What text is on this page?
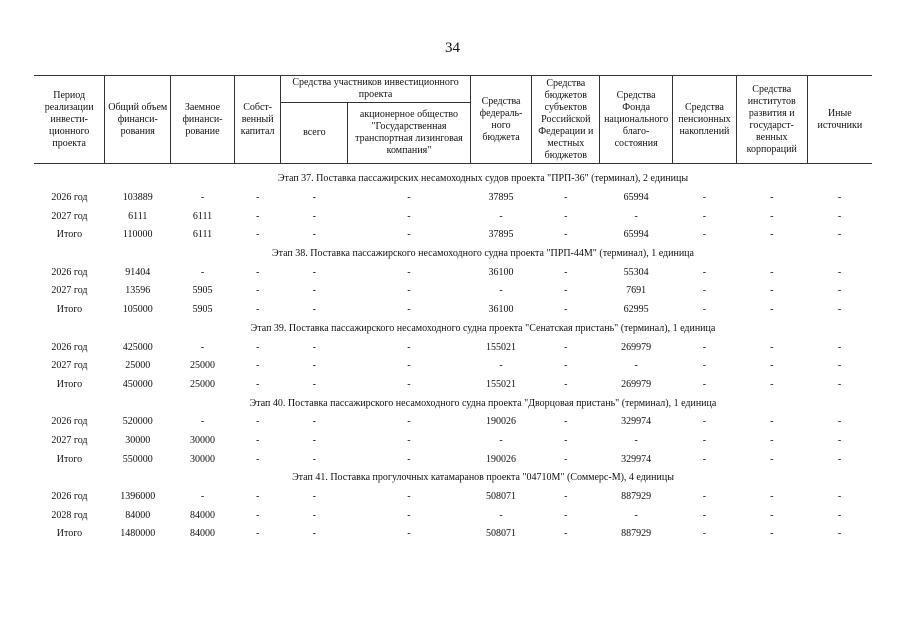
34
Период реализации инвести-ционного проекта	Общий объем финанси-рования	Заемное финанси-рование	Собст-венный капитал	Средства участников инвестиционного проекта		Средства федераль-ного бюджета	Средства бюджетов субъектов Российской Федерации и местных бюджетов	Средства Фонда национального благо-состояния	Средства пенсионных накоплений	Средства институтов развития и государст-венных корпораций	Иные источники
				всего	акционерное общество "Государственная транспортная лизинговая компания"						

Этап 37. Поставка пассажирских несамоходных судов проекта "ПРП-36" (терминал), 2 единицы											
2026 год	103889	-	-	-	-	37895	-	65994	-	-	-
2027 год	6111	6111	-	-	-	-	-	-	-	-	-
Итого	110000	6111	-	-	-	37895	-	65994	-	-	-
Этап 38. Поставка пассажирского несамоходного судна проекта "ПРП-44М" (терминал), 1 единица											
2026 год	91404	-	-	-	-	36100	-	55304	-	-	-
2027 год	13596	5905	-	-	-	-	-	7691	-	-	-
Итого	105000	5905	-	-	-	36100	-	62995	-	-	-
Этап 39. Поставка пассажирского несамоходного судна проекта "Сенатская пристань" (терминал), 1 единица											
2026 год	425000	-	-	-	-	155021	-	269979	-	-	-
2027 год	25000	25000	-	-	-	-	-	-	-	-	-
Итого	450000	25000	-	-	-	155021	-	269979	-	-	-
Этап 40. Поставка пассажирского несамоходного судна проекта "Дворцовая пристань" (терминал), 1 единица											
2026 год	520000	-	-	-	-	190026	-	329974	-	-	-
2027 год	30000	30000	-	-	-	-	-	-	-	-	-
Итого	550000	30000	-	-	-	190026	-	329974	-	-	-
Этап 41. Поставка прогулочных катамаранов проекта "04710М" (Соммерс-М), 4 единицы											
2026 год	1396000	-	-	-	-	508071	-	887929	-	-	-
2028 год	84000	84000	-	-	-	-	-	-	-	-	-
Итого	1480000	84000	-	-	-	508071	-	887929	-	-	-
